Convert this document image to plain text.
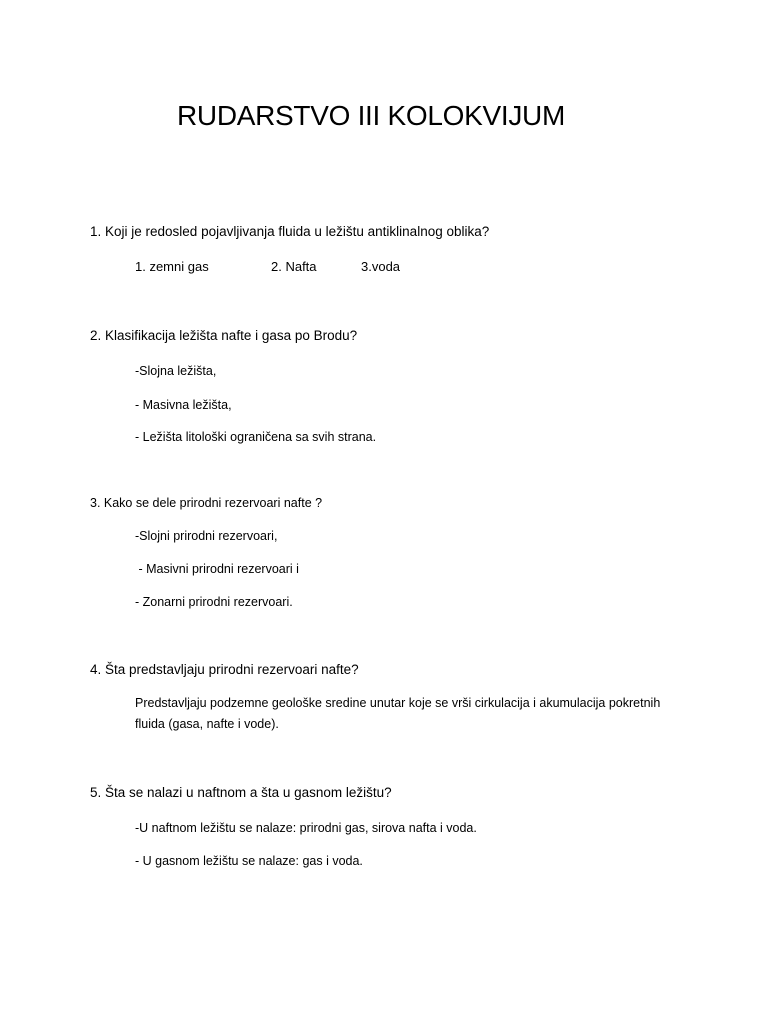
RUDARSTVO III KOLOKVIJUM
1. Koji je redosled pojavljivanja fluida u ležištu antiklinalnog oblika?
1. zemni gas	2. Nafta	3.voda
2. Klasifikacija ležišta nafte i gasa po Brodu?
-Slojna ležišta,
- Masivna ležišta,
- Ležišta litološki ograničena sa svih strana.
3. Kako se dele prirodni rezervoari nafte ?
-Slojni prirodni rezervoari,
- Masivni prirodni rezervoari i
- Zonarni prirodni rezervoari.
4. Šta predstavljaju prirodni rezervoari nafte?
Predstavljaju podzemne geološke sredine unutar koje se vrši cirkulacija i akumulacija pokretnih fluida (gasa, nafte i vode).
5. Šta se nalazi u naftnom a šta u gasnom ležištu?
-U naftnom ležištu se nalaze: prirodni gas, sirova nafta i voda.
- U gasnom ležištu se nalaze: gas i voda.
